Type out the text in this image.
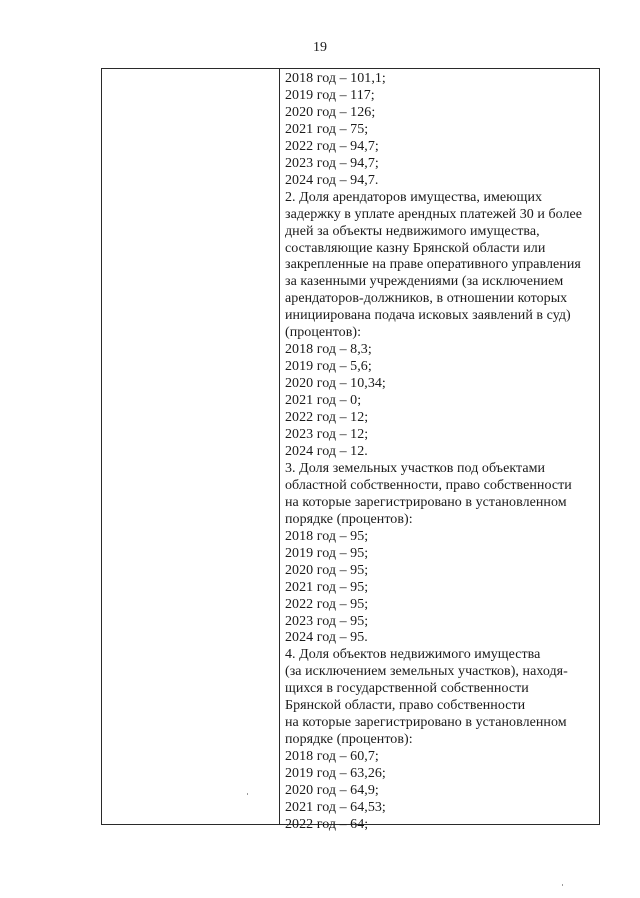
19
2018 год – 101,1;
2019 год – 117;
2020 год – 126;
2021 год – 75;
2022 год – 94,7;
2023 год – 94,7;
2024 год – 94,7.
2. Доля арендаторов имущества, имеющих
задержку в уплате арендных платежей 30 и более
дней за объекты недвижимого имущества,
составляющие казну Брянской области или
закрепленные на праве оперативного управления
за казенными учреждениями (за исключением
арендаторов-должников, в отношении которых
инициирована подача исковых заявлений в суд)
(процентов):
2018 год – 8,3;
2019 год – 5,6;
2020 год – 10,34;
2021 год – 0;
2022 год – 12;
2023 год – 12;
2024 год – 12.
3. Доля земельных участков под объектами
областной собственности, право собственности
на которые зарегистрировано в установленном
порядке (процентов):
2018 год – 95;
2019 год – 95;
2020 год – 95;
2021 год – 95;
2022 год – 95;
2023 год – 95;
2024 год – 95.
4. Доля объектов недвижимого имущества
(за исключением земельных участков), находя-
щихся в государственной собственности
Брянской области, право собственности
на которые зарегистрировано в установленном
порядке (процентов):
2018 год – 60,7;
2019 год – 63,26;
2020 год – 64,9;
2021 год – 64,53;
2022 год – 64;
